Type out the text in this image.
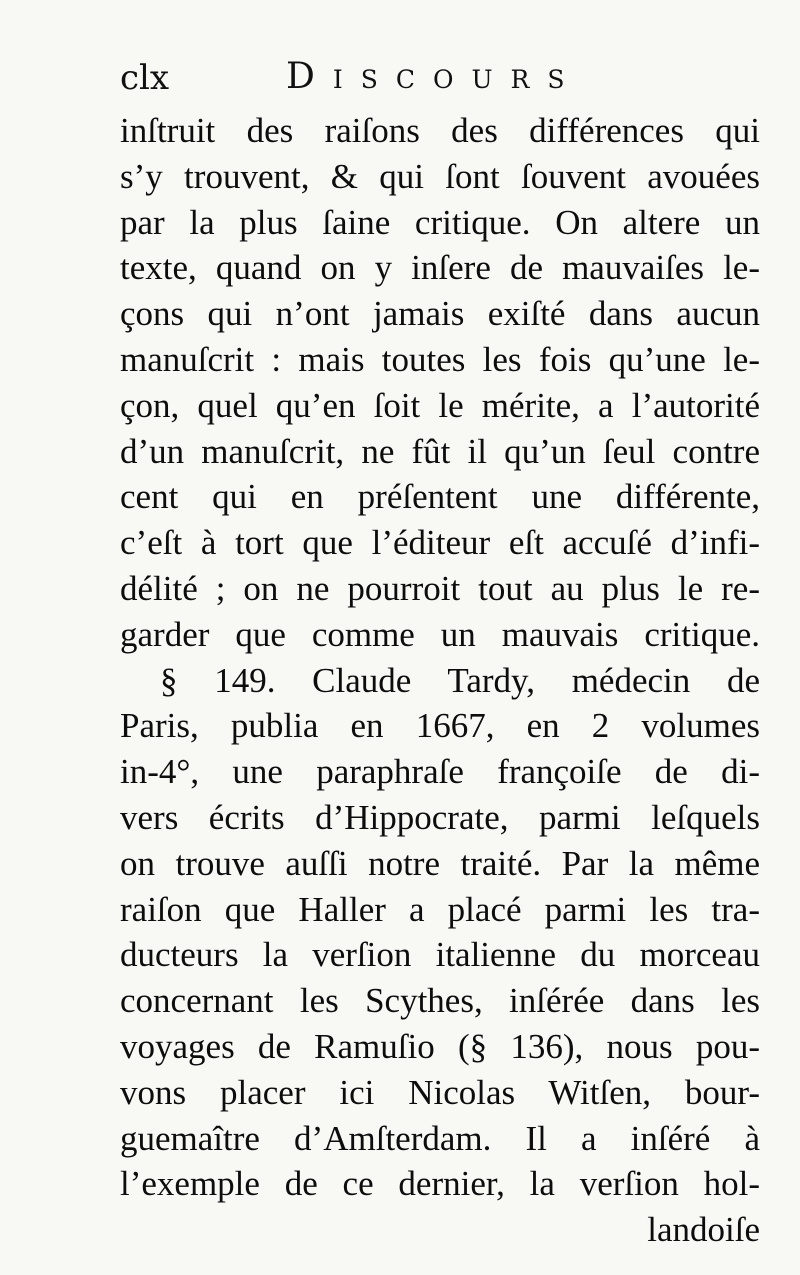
clx	Discours
inſtruit des raiſons des différences qui
s’y trouvent, & qui ſont ſouvent avouées
par la plus ſaine critique. On altere un
texte, quand on y inſere de mauvaiſes le-
çons qui n’ont jamais exiſté dans aucun
manuſcrit : mais toutes les fois qu’une le-
çon, quel qu’en ſoit le mérite, a l’autorité
d’un manuſcrit, ne fût il qu’un ſeul contre
cent qui en préſentent une différente,
c’eſt à tort que l’éditeur eſt accuſé d’infi-
délité ; on ne pourroit tout au plus le re-
garder que comme un mauvais critique.
§ 149. Claude Tardy, médecin de
Paris, publia en 1667, en 2 volumes
in-4°, une paraphraſe françoiſe de di-
vers écrits d’Hippocrate, parmi leſquels
on trouve auſſi notre traité. Par la même
raiſon que Haller a placé parmi les tra-
ducteurs la verſion italienne du morceau
concernant les Scythes, inſérée dans les
voyages de Ramuſio (§ 136), nous pou-
vons placer ici Nicolas Witſen, bour-
guemaître d’Amſterdam. Il a inſéré à
l’exemple de ce dernier, la verſion hol-
landoiſe
